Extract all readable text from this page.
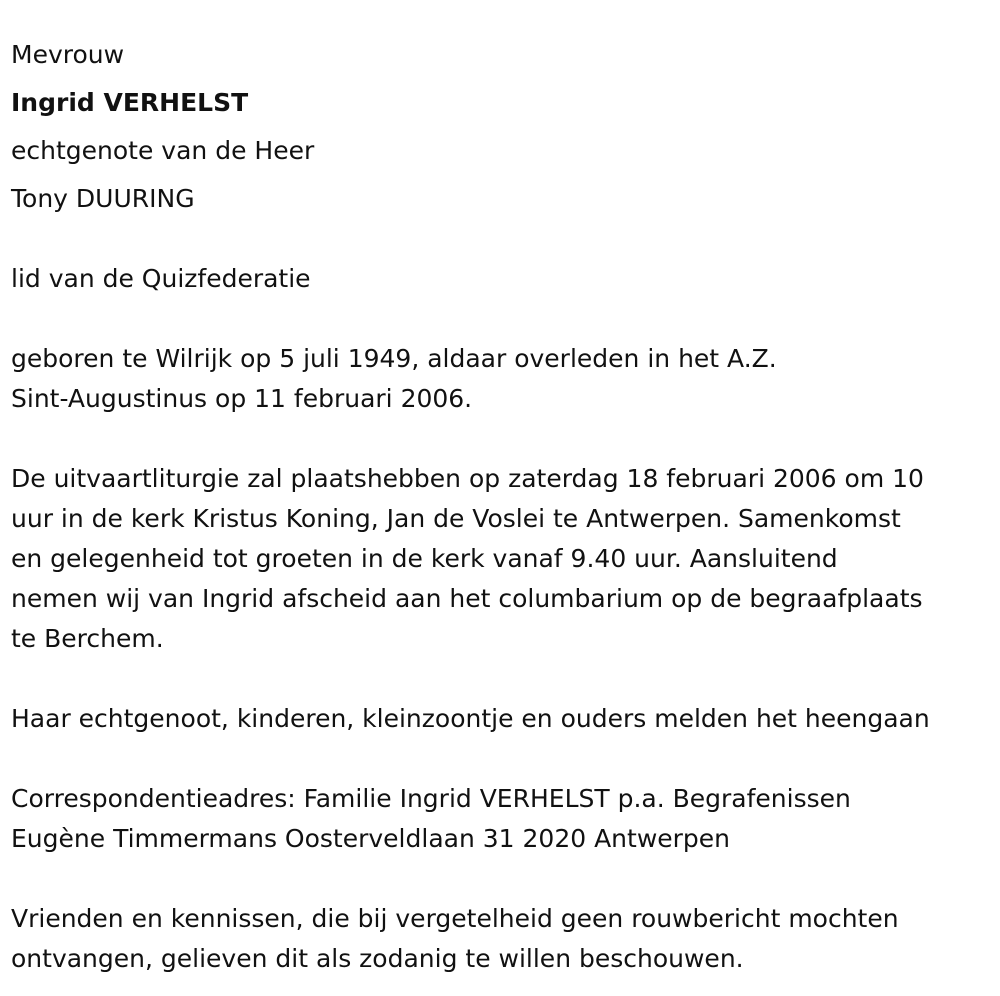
Mevrouw
Ingrid VERHELST
echtgenote van de Heer
Tony DUURING
lid van de Quizfederatie
geboren te Wilrijk op 5 juli 1949, aldaar overleden in het A.Z.
Sint-Augustinus op 11 februari 2006.
De uitvaartliturgie zal plaatshebben op zaterdag 18 februari 2006 om 10
uur in de kerk Kristus Koning, Jan de Voslei te Antwerpen. Samenkomst
en gelegenheid tot groeten in de kerk vanaf 9.40 uur. Aansluitend
nemen wij van Ingrid afscheid aan het columbarium op de begraafplaats
te Berchem.
Haar echtgenoot, kinderen, kleinzoontje en ouders melden het heengaan
Correspondentieadres: Familie Ingrid VERHELST p.a. Begrafenissen
Eugène Timmermans Oosterveldlaan 31 2020 Antwerpen
Vrienden en kennissen, die bij vergetelheid geen rouwbericht mochten
ontvangen, gelieven dit als zodanig te willen beschouwen.
